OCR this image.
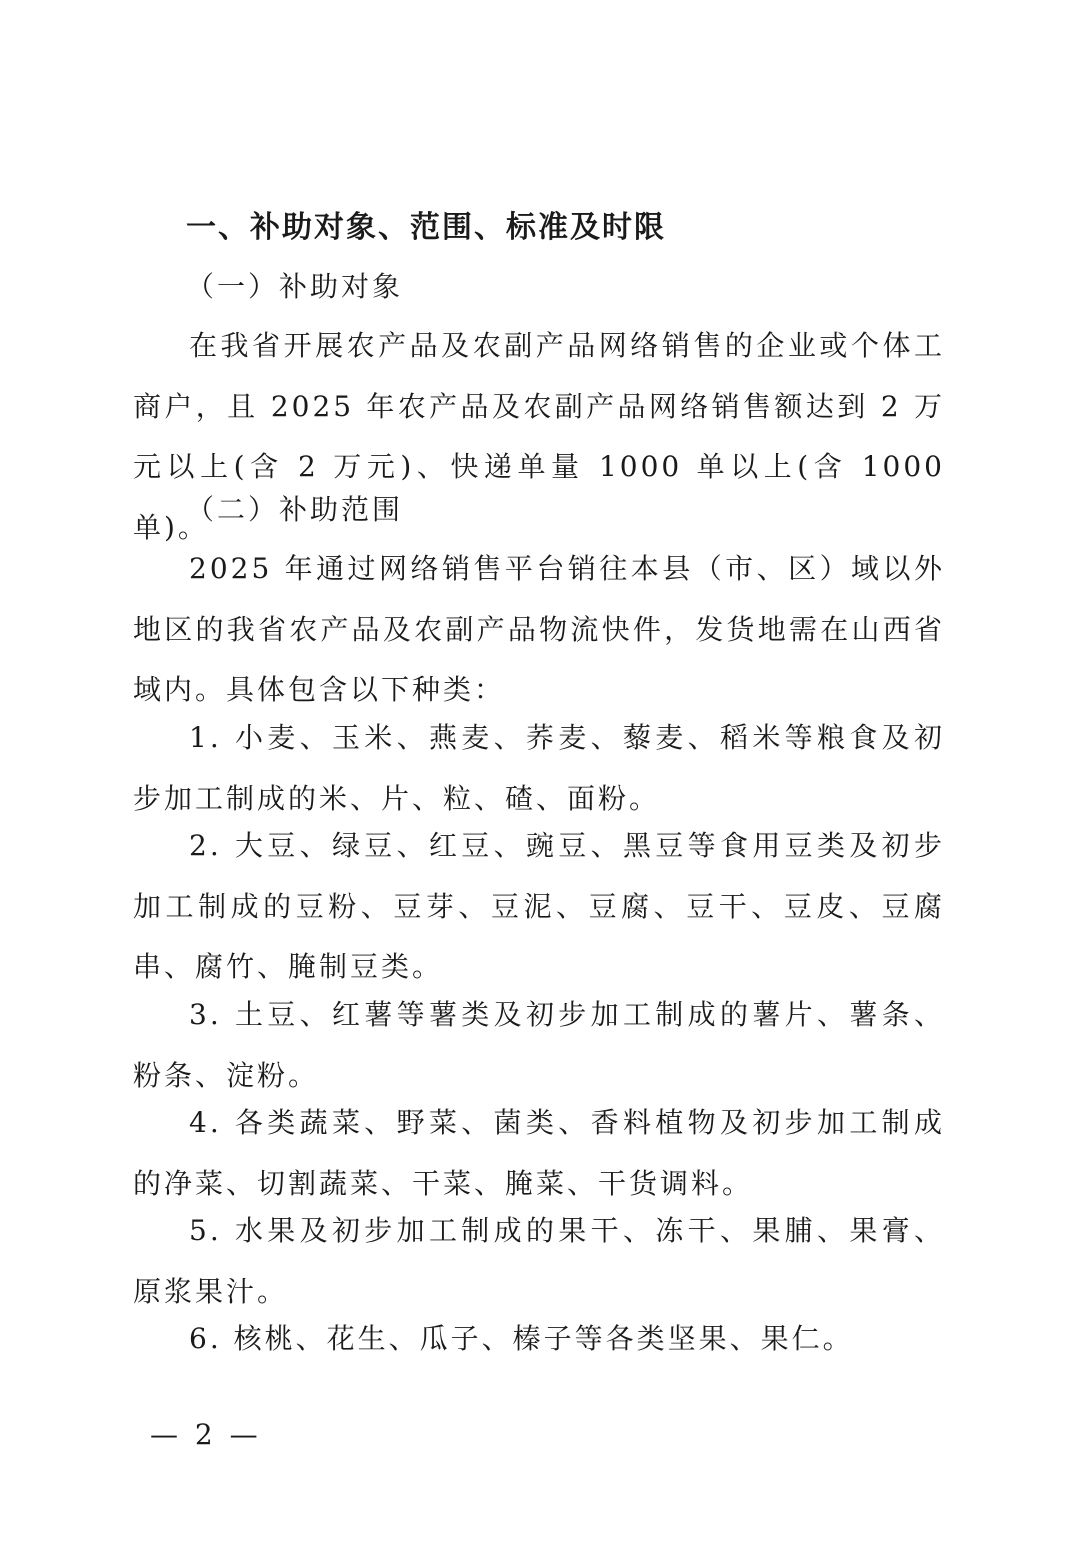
一、补助对象、范围、标准及时限

（一）补助对象

在我省开展农产品及农副产品网络销售的企业或个体工商户，且 2025 年农产品及农副产品网络销售额达到 2 万元以上(含 2 万元)、快递单量 1000 单以上(含 1000 单)。

（二）补助范围

2025 年通过网络销售平台销往本县（市、区）域以外地区的我省农产品及农副产品物流快件，发货地需在山西省域内。具体包含以下种类：

1. 小麦、玉米、燕麦、荞麦、藜麦、稻米等粮食及初步加工制成的米、片、粒、碴、面粉。

2. 大豆、绿豆、红豆、豌豆、黑豆等食用豆类及初步加工制成的豆粉、豆芽、豆泥、豆腐、豆干、豆皮、豆腐串、腐竹、腌制豆类。

3. 土豆、红薯等薯类及初步加工制成的薯片、薯条、粉条、淀粉。

4. 各类蔬菜、野菜、菌类、香料植物及初步加工制成的净菜、切割蔬菜、干菜、腌菜、干货调料。

5. 水果及初步加工制成的果干、冻干、果脯、果膏、原浆果汁。

6. 核桃、花生、瓜子、榛子等各类坚果、果仁。

— 2 —
